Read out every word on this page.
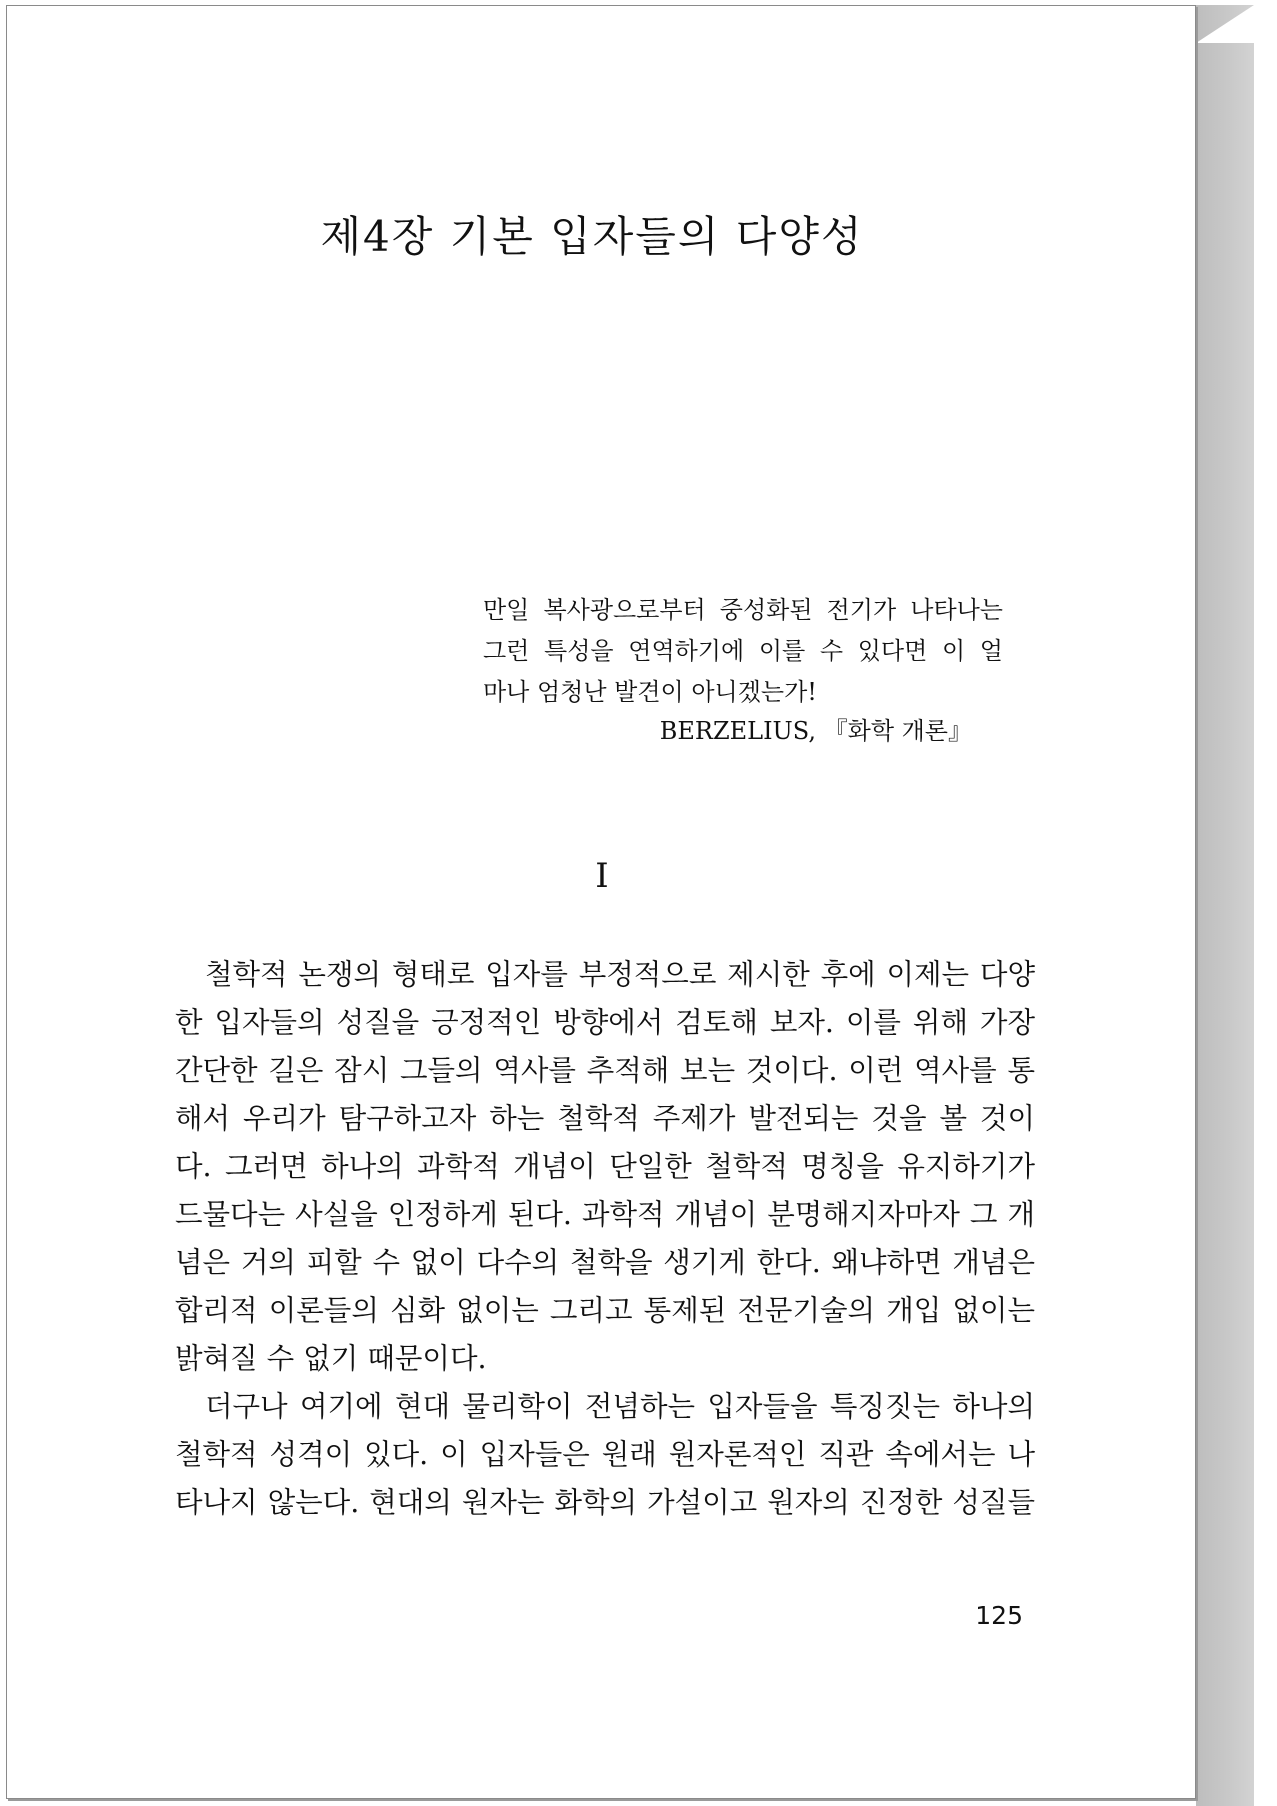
제4장 기본 입자들의 다양성
만일 복사광으로부터 중성화된 전기가 나타나는
그런 특성을 연역하기에 이를 수 있다면 이 얼
마나 엄청난 발견이 아니겠는가!
BERZELIUS, 『화학 개론』
I
철학적 논쟁의 형태로 입자를 부정적으로 제시한 후에 이제는 다양
한 입자들의 성질을 긍정적인 방향에서 검토해 보자. 이를 위해 가장
간단한 길은 잠시 그들의 역사를 추적해 보는 것이다. 이런 역사를 통
해서 우리가 탐구하고자 하는 철학적 주제가 발전되는 것을 볼 것이
다. 그러면 하나의 과학적 개념이 단일한 철학적 명칭을 유지하기가
드물다는 사실을 인정하게 된다. 과학적 개념이 분명해지자마자 그 개
념은 거의 피할 수 없이 다수의 철학을 생기게 한다. 왜냐하면 개념은
합리적 이론들의 심화 없이는 그리고 통제된 전문기술의 개입 없이는
밝혀질 수 없기 때문이다.
더구나 여기에 현대 물리학이 전념하는 입자들을 특징짓는 하나의
철학적 성격이 있다. 이 입자들은 원래 원자론적인 직관 속에서는 나
타나지 않는다. 현대의 원자는 화학의 가설이고 원자의 진정한 성질들
125
